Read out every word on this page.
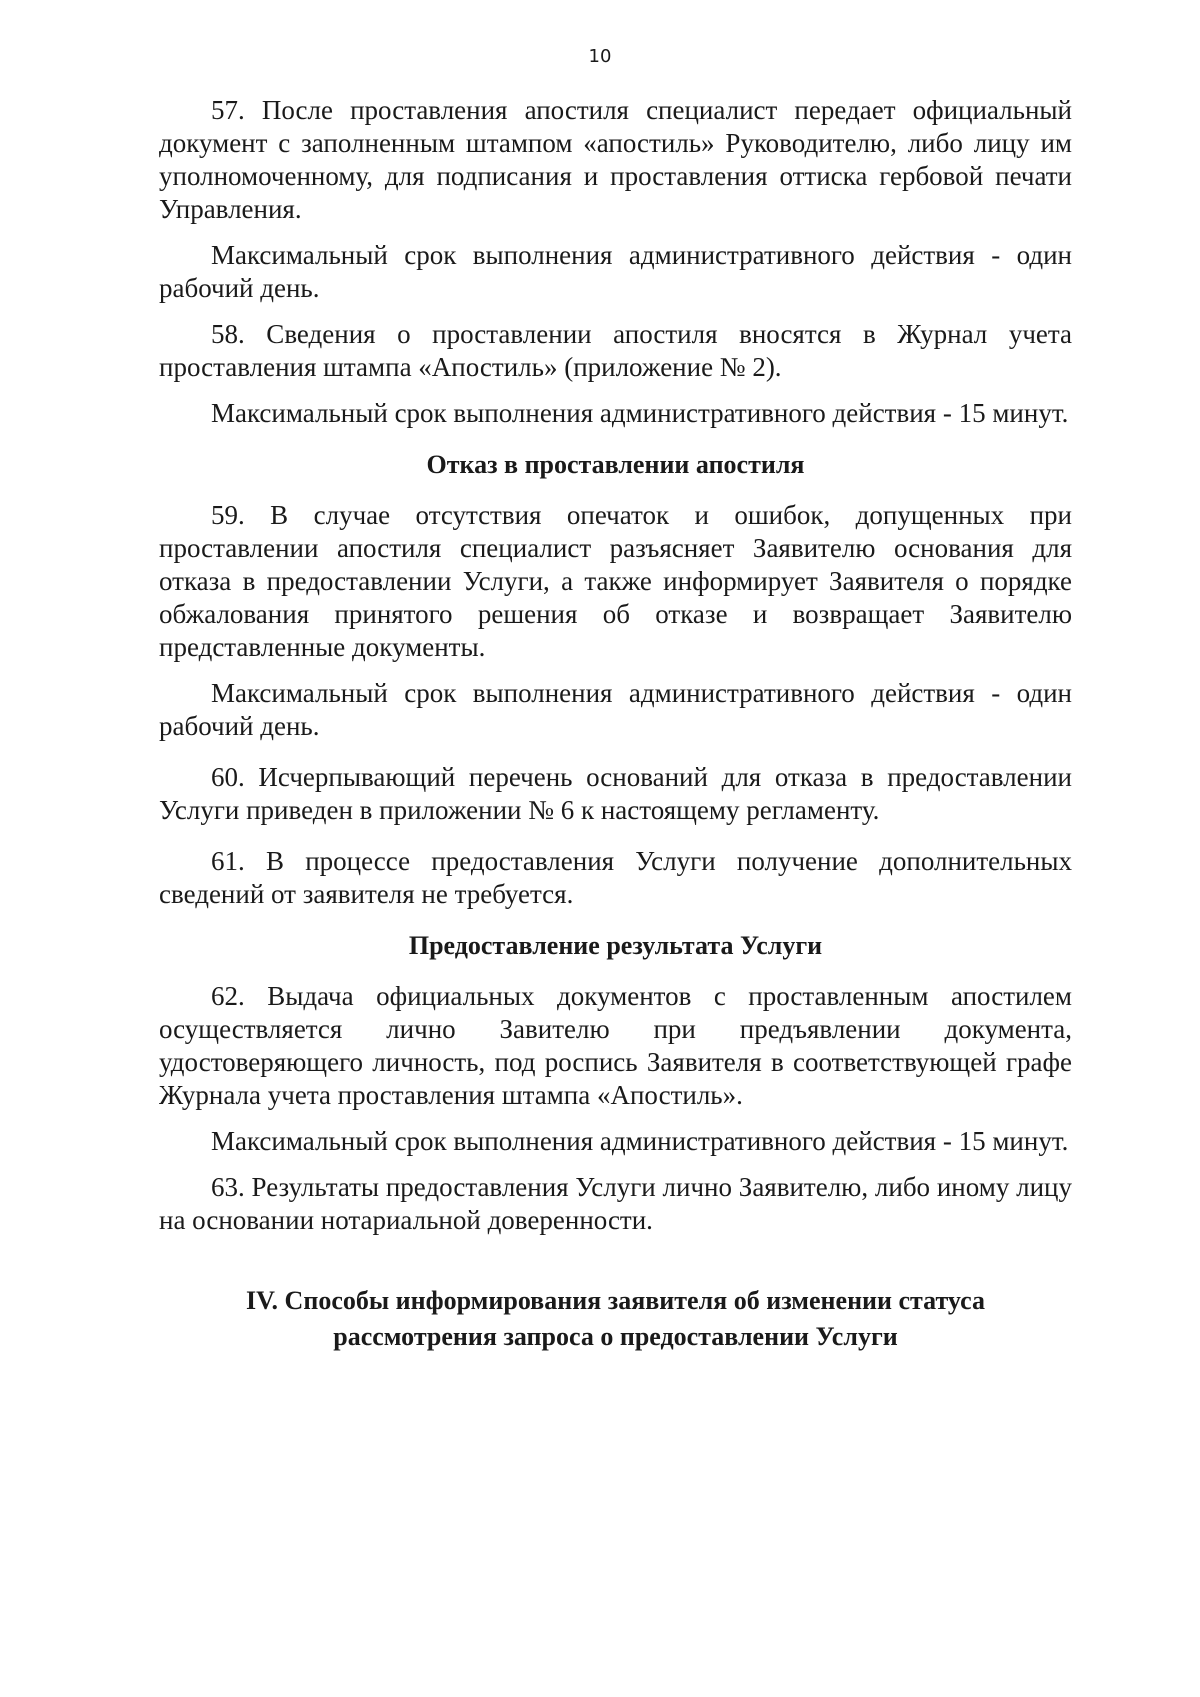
10

57. После проставления апостиля специалист передает официальный документ с заполненным штампом «апостиль» Руководителю, либо лицу им уполномоченному, для подписания и проставления оттиска гербовой печати Управления.

Максимальный срок выполнения административного действия - один рабочий день.

58. Сведения о проставлении апостиля вносятся в Журнал учета проставления штампа «Апостиль» (приложение № 2).

Максимальный срок выполнения административного действия - 15 минут.

Отказ в проставлении апостиля

59. В случае отсутствия опечаток и ошибок, допущенных при проставлении апостиля специалист разъясняет Заявителю основания для отказа в предоставлении Услуги, а также информирует Заявителя о порядке обжалования принятого решения об отказе и возвращает Заявителю представленные документы.

Максимальный срок выполнения административного действия - один рабочий день.

60. Исчерпывающий перечень оснований для отказа в предоставлении Услуги приведен в приложении № 6 к настоящему регламенту.

61. В процессе предоставления Услуги получение дополнительных сведений от заявителя не требуется.

Предоставление результата Услуги

62. Выдача официальных документов с проставленным апостилем осуществляется лично Завителю при предъявлении документа, удостоверяющего личность, под роспись Заявителя в соответствующей графе Журнала учета проставления штампа «Апостиль».

Максимальный срок выполнения административного действия - 15 минут.

63. Результаты предоставления Услуги лично Заявителю, либо иному лицу на основании нотариальной доверенности.

IV. Способы информирования заявителя об изменении статуса
рассмотрения запроса о предоставлении Услуги
